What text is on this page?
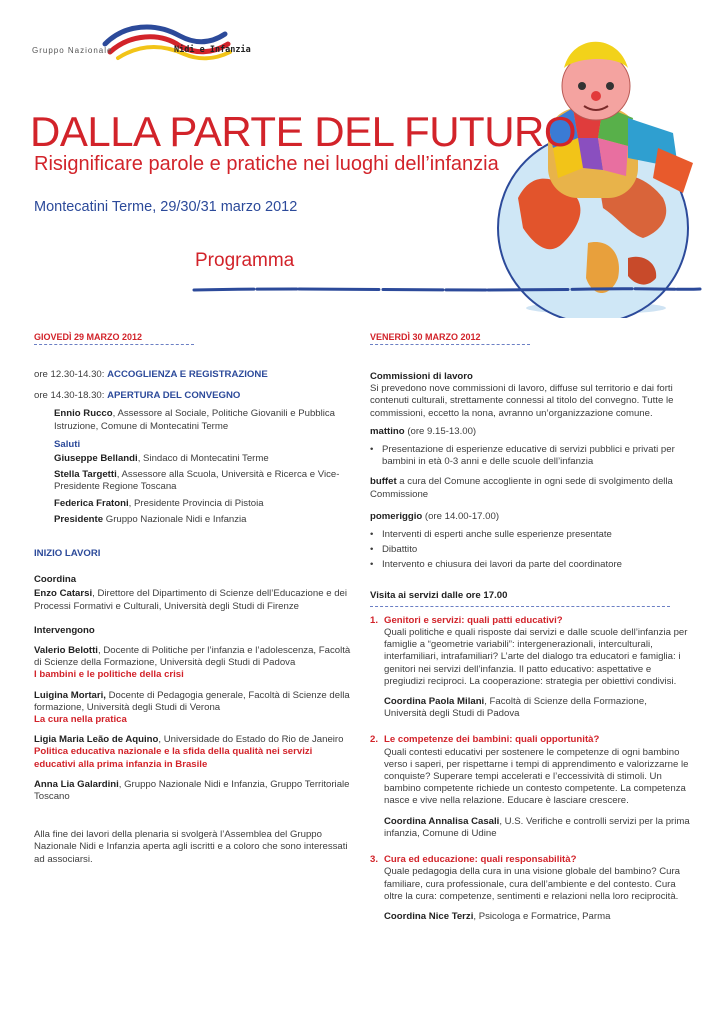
Gruppo Nazionale	Nidi e Infanzia
DALLA PARTE DEL FUTURO
Risignificare parole e pratiche nei luoghi dell’infanzia
Montecatini Terme, 29/30/31 marzo 2012
Programma
GIOVEDÌ 29 MARZO 2012
ore 12.30-14.30: ACCOGLIENZA E REGISTRAZIONE
ore 14.30-18.30: APERTURA DEL CONVEGNO
Ennio Rucco, Assessore al Sociale, Politiche Giovanili e Pubblica Istruzione, Comune di Montecatini Terme
Saluti
Giuseppe Bellandi, Sindaco di Montecatini Terme
Stella Targetti, Assessore alla Scuola, Università e Ricerca e Vice-Presidente Regione Toscana
Federica Fratoni, Presidente Provincia di Pistoia
Presidente Gruppo Nazionale Nidi e Infanzia
INIZIO LAVORI
Coordina
Enzo Catarsi, Direttore del Dipartimento di Scienze dell’Educazione e dei Processi Formativi e Culturali, Università degli Studi di Firenze
Intervengono
Valerio Belotti, Docente di Politiche per l’infanzia e l’adolescenza, Facoltà di Scienze della Formazione, Università degli Studi di Padova
I bambini e le politiche della crisi
Luigina Mortari, Docente di Pedagogia generale, Facoltà di Scienze della formazione, Università degli Studi di Verona
La cura nella pratica
Ligia Maria Leão de Aquino, Universidade do Estado do Rio de Janeiro
Politica educativa nazionale e la sfida della qualità nei servizi educativi alla prima infanzia in Brasile
Anna Lia Galardini, Gruppo Nazionale Nidi e Infanzia, Gruppo Territoriale Toscano
Alla fine dei lavori della plenaria si svolgerà l’Assemblea del Gruppo Nazionale Nidi e Infanzia aperta agli iscritti e a coloro che sono interessati ad associarsi.
VENERDÌ 30 MARZO 2012
Commissioni di lavoro
Si prevedono nove commissioni di lavoro, diffuse sul territorio e dai forti contenuti culturali, strettamente connessi al titolo del convegno. Tutte le commissioni, eccetto la nona, avranno un’organizzazione comune.
mattino (ore 9.15-13.00)
• Presentazione di esperienze educative di servizi pubblici e privati per bambini in età 0-3 anni e delle scuole dell’infanzia
buffet a cura del Comune accogliente in ogni sede di svolgimento della Commissione
pomeriggio (ore 14.00-17.00)
• Interventi di esperti anche sulle esperienze presentate
• Dibattito
• Intervento e chiusura dei lavori da parte del coordinatore
Visita ai servizi dalle ore 17.00
1. Genitori e servizi: quali patti educativi?
Quali politiche e quali risposte dai servizi e dalle scuole dell’infanzia per famiglie a “geometrie variabili”: intergenerazionali, interculturali, interfamiliari, intrafamiliari? L’arte del dialogo tra educatori e famiglia: i genitori nei servizi dell’infanzia. Il patto educativo: aspettative e pregiudizi reciproci. La cooperazione: strategia per obiettivi condivisi.
Coordina Paola Milani, Facoltà di Scienze della Formazione, Università degli Studi di Padova
2. Le competenze dei bambini: quali opportunità?
Quali contesti educativi per sostenere le competenze di ogni bambino verso i saperi, per rispettarne i tempi di apprendimento e valorizzarne le conquiste? Superare tempi accelerati e l’eccessività di stimoli. Un bambino competente richiede un contesto competente. La competenza nasce e vive nella relazione. Educare è lasciare crescere.
Coordina Annalisa Casali, U.S. Verifiche e controlli servizi per la prima infanzia, Comune di Udine
3. Cura ed educazione: quali responsabilità?
Quale pedagogia della cura in una visione globale del bambino? Cura familiare, cura professionale, cura dell’ambiente e del contesto. Cura oltre la cura: competenze, sentimenti e relazioni nella loro reciprocità.
Coordina Nice Terzi, Psicologa e Formatrice, Parma
